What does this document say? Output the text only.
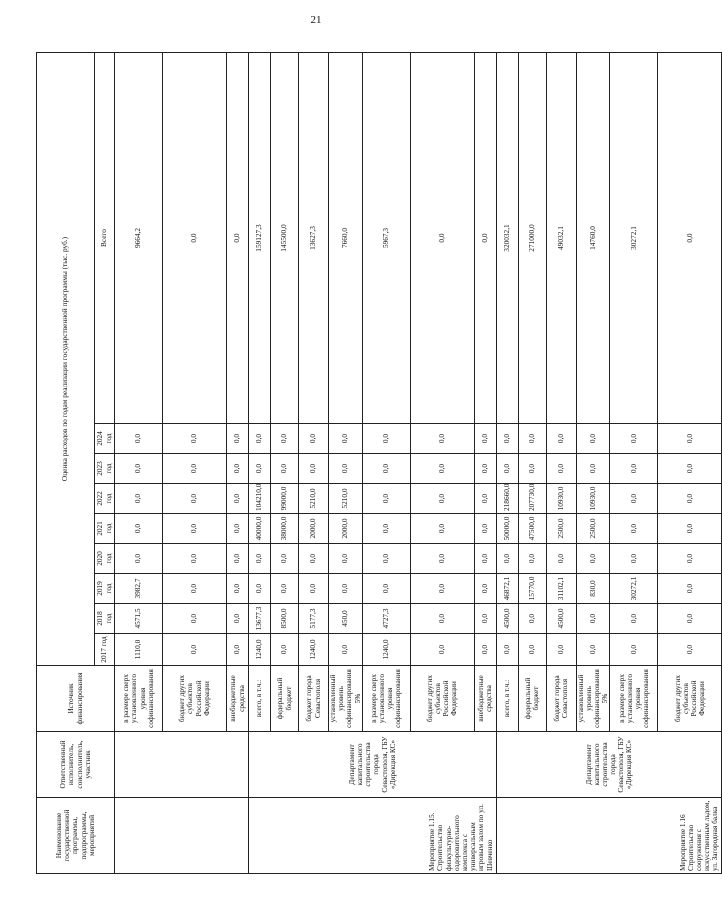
21
Наименование государственной программы, подпрограммы, мероприятий	Ответственный исполнитель, соисполнитель, участник	Источник финансирования	Оценка расходов по годам реализации государственной программы (тыс. руб.)								
			2017 год	2018 год	2019 год	2020 год	2021 год	2022 год	2023 год	2024 год	Всего
		в размере сверх установленного уровня софинансирования	1110,0	4571,5	3982,7	0,0	0,0	0,0	0,0	0,0	9664,2
		бюджет других субъектов Российской Федерации	0,0	0,0	0,0	0,0	0,0	0,0	0,0	0,0	0,0
		внебюджетные средства	0,0	0,0	0,0	0,0	0,0	0,0	0,0	0,0	0,0
Мероприятие 1.15. Строительство физкультурно-оздоровительного комплекса с универсальным игровым залом по ул. Шевченко	Департамент капитального строительства города Севастополя, ГБУ «Дирекция КС»	всего, в т.ч.:	1240,0	13677,3	0,0	0,0	40000,0	104210,0	0,0	0,0	159127,3
		федеральный бюджет	0,0	8500,0	0,0	0,0	38000,0	99000,0	0,0	0,0	145500,0
		бюджет города Севастополя	1240,0	5177,3	0,0	0,0	2000,0	5210,0	0,0	0,0	13627,3
		установленный уровень софинансирования 5%	0,0	450,0	0,0	0,0	2000,0	5210,0	0,0	0,0	7660,0
		в размере сверх установленного уровня софинансирования	1240,0	4727,3	0,0	0,0	0,0	0,0	0,0	0,0	5967,3
		бюджет других субъектов Российской Федерации	0,0	0,0	0,0	0,0	0,0	0,0	0,0	0,0	0,0
		внебюджетные средства	0,0	0,0	0,0	0,0	0,0	0,0	0,0	0,0	0,0
Мероприятие 1.16 Строительство сооружения с искусственным льдом, ул. Загородная балка	Департамент капитального строительства города Севастополя, ГБУ «Дирекция КС»	всего, в т.ч.:	0,0	4500,0	46872,1	0,0	50000,0	218660,0	0,0	0,0	320032,1
		федеральный бюджет	0,0	0,0	15770,0	0,0	47500,0	207730,0	0,0	0,0	271000,0
		бюджет города Севастополя	0,0	4500,0	31102,1	0,0	2500,0	10930,0	0,0	0,0	49032,1
		установленный уровень софинансирования 5%	0,0	0,0	830,0	0,0	2500,0	10930,0	0,0	0,0	14760,0
		в размере сверх установленного уровня софинансирования	0,0	0,0	30272,1	0,0	0,0	0,0	0,0	0,0	30272,1
		бюджет других субъектов Российской Федерации	0,0	0,0	0,0	0,0	0,0	0,0	0,0	0,0	0,0
